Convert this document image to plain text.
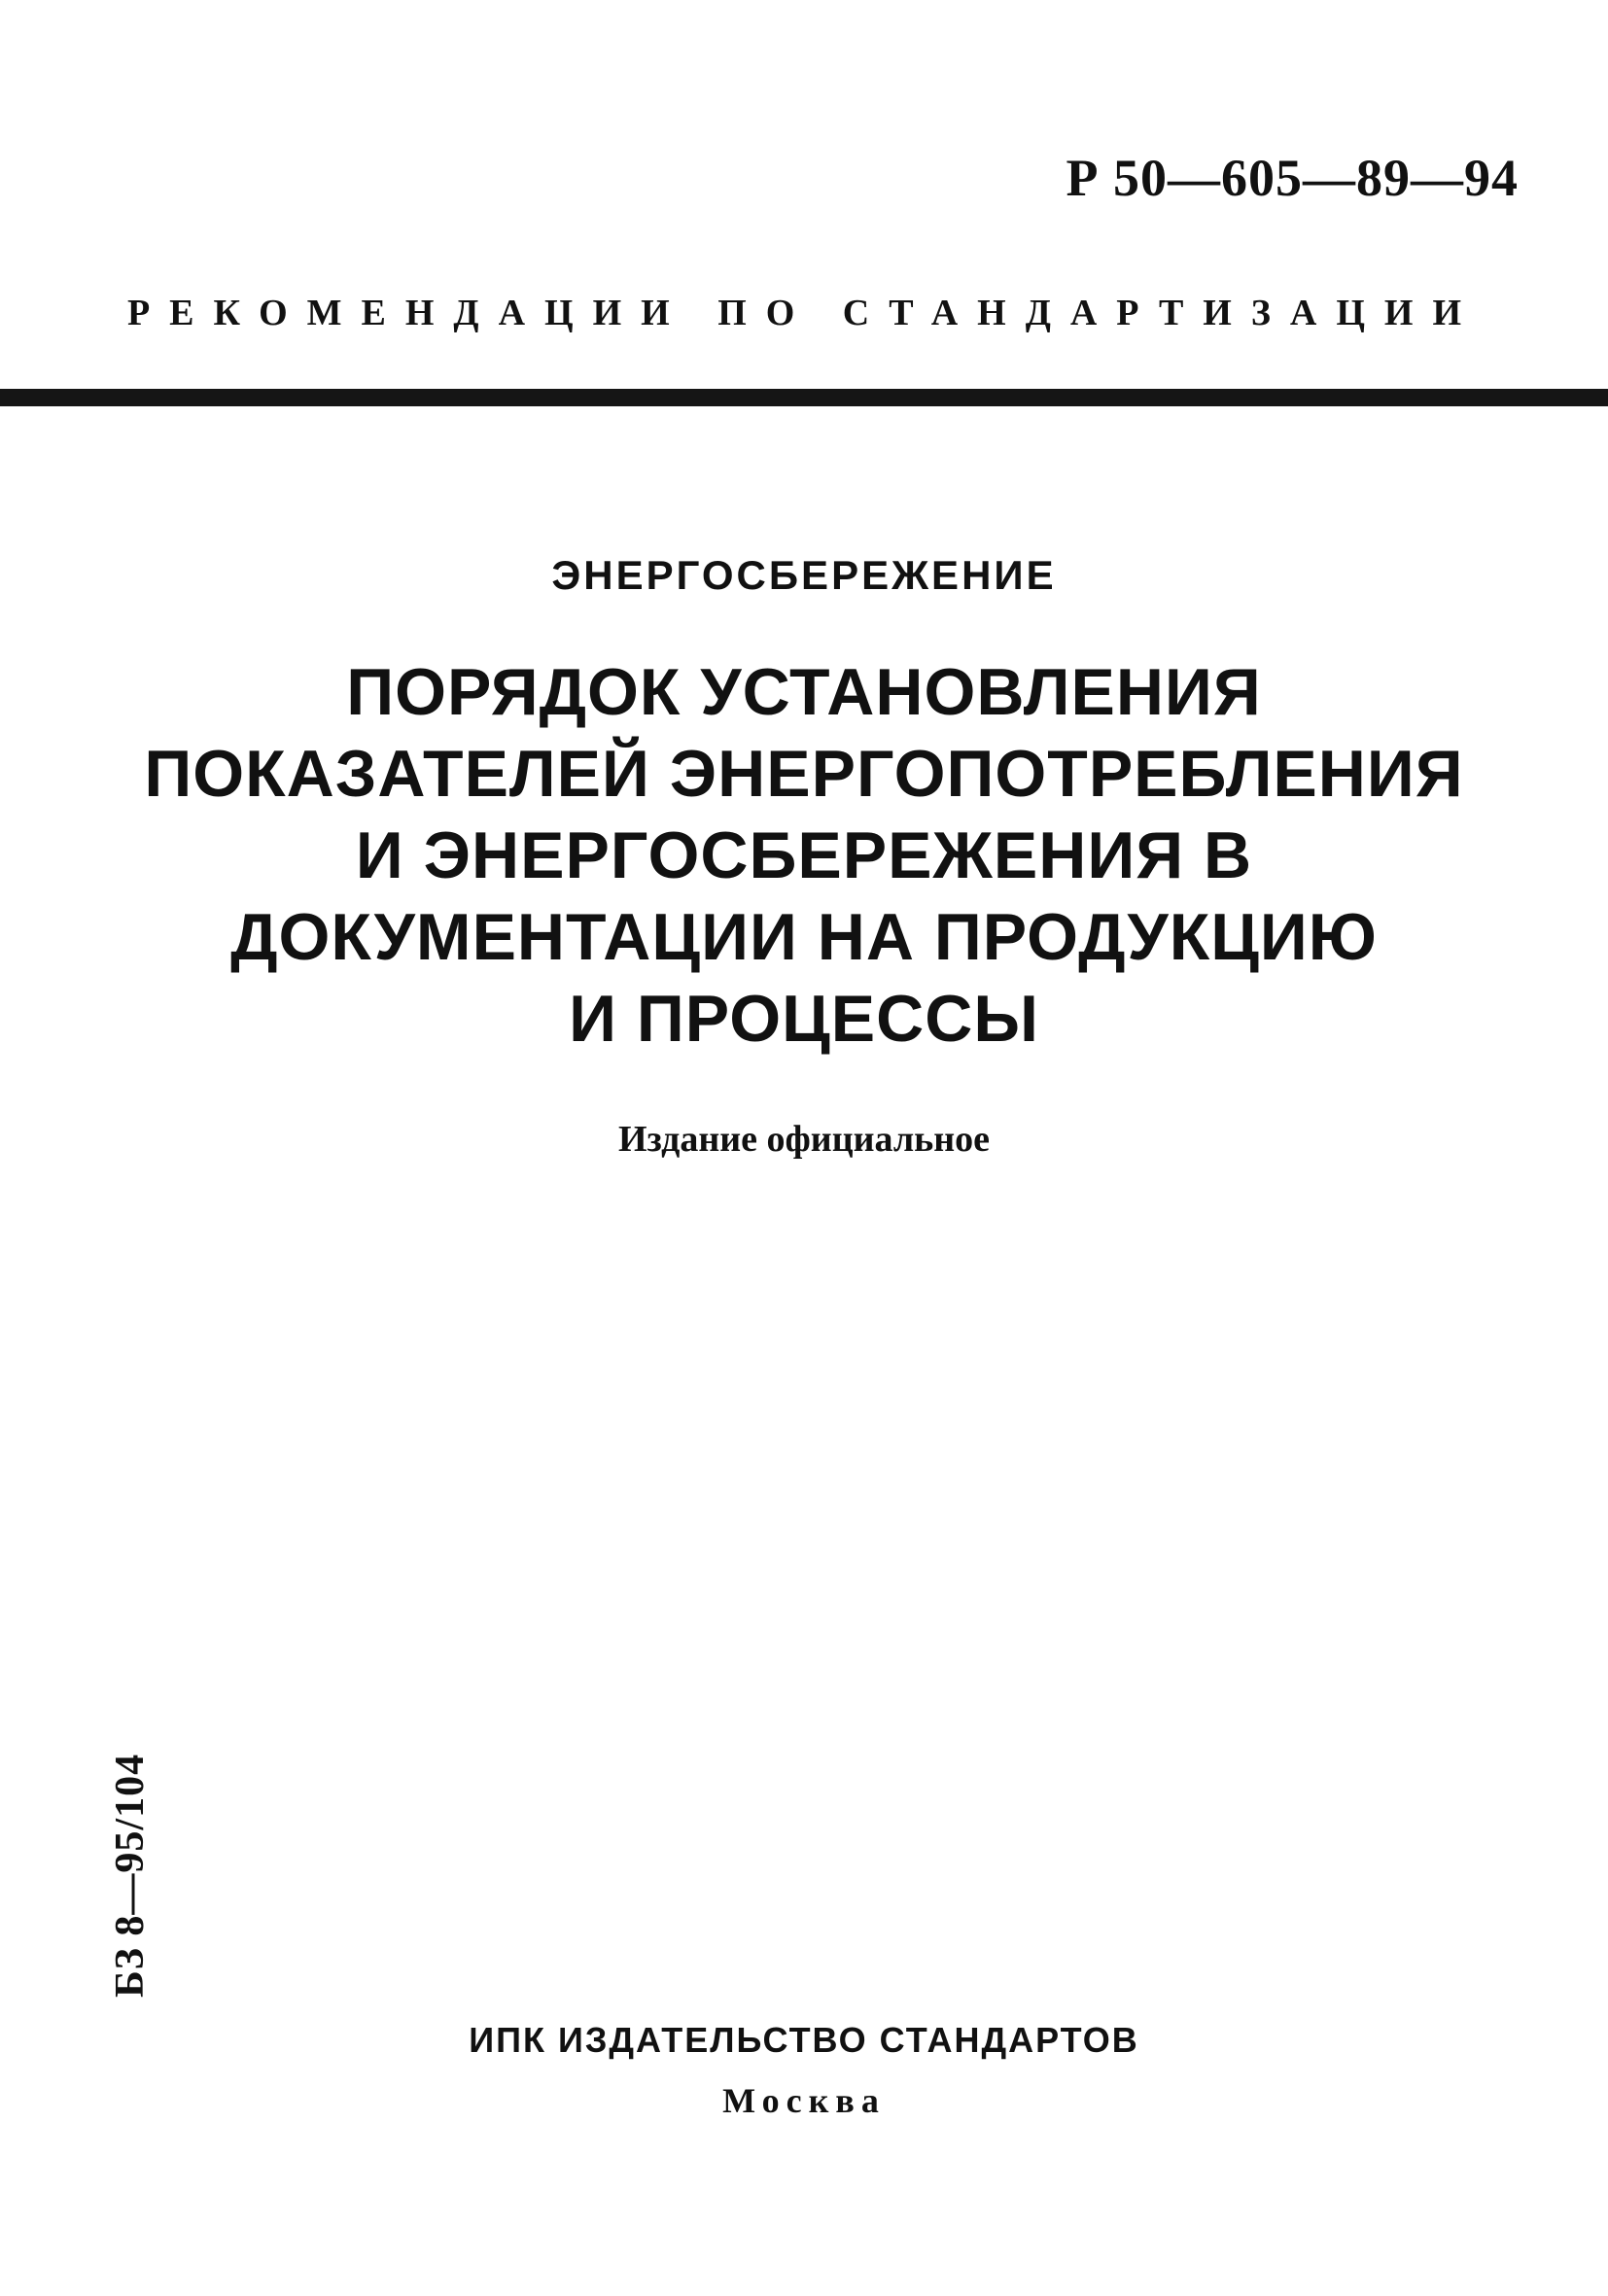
Р 50—605—89—94
РЕКОМЕНДАЦИИ ПО СТАНДАРТИЗАЦИИ
ЭНЕРГОСБЕРЕЖЕНИЕ
ПОРЯДОК УСТАНОВЛЕНИЯ
ПОКАЗАТЕЛЕЙ ЭНЕРГОПОТРЕБЛЕНИЯ
И ЭНЕРГОСБЕРЕЖЕНИЯ В
ДОКУМЕНТАЦИИ НА ПРОДУКЦИЮ
И ПРОЦЕССЫ
Издание официальное
БЗ 8—95/104
ИПК ИЗДАТЕЛЬСТВО СТАНДАРТОВ
Москва
